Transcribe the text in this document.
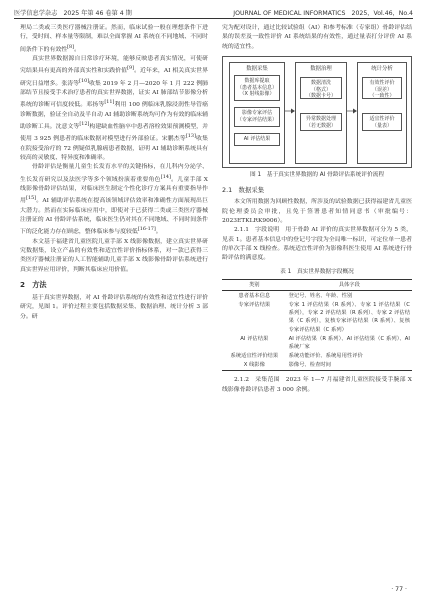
医学信息学杂志　2025 年第 46 卷第 4 期	JOURNAL OF MEDICAL INFORMATICS　2025，Vol.46，No.4

理局二类或三类医疗器械注册证。然而，临床试验一般在理想条件下进行，受时间、样本量等限制，难以全面掌握 AI 系统在不同地域、不同时间条件下的有效性[8]。

真实世界数据源自日常诊疗环境，能够反映患者真实情况，可使研究结果具有更高的外部真实性和实践价值[9]。近年来，AI 相关真实世界研究日益增多。张涛等[10]收集 2019 年 2 月—2020 年 1 月 222 例肺部结节且接受手术治疗患者的真实世界数据，证实 AI 肺部结节影像分析系统的诊断可信度较低。邓扬等[11]利用 100 例临床乳腺浸润性导管癌诊断数据，验证全自动及半自动 AI 辅助诊断系统均可作为有效的临床辅助诊断工具。沈意文等[12]构建缺血性脑卒中患者溶栓效果预测模型，并使用 3 925 例患者的临床数据对模型进行外部验证。宋鹏杰等[13]收集在院接受治疗的 72 例疑似乳腺癌患者数据，证明 AI 辅助诊断系统具有较高的灵敏度、特异度和准确率。

骨龄评估是衡量儿童生长发育水平的关键指标，在儿科内分泌学、生长发育研究以及法医学等多个领域扮演着重要角色[14]。儿童手部 X 线影像骨龄评估结果，对临床医生制定个性化诊疗方案具有重要指导作用[15]。AI 辅助评估系统在提高该领域评估效率和准确性方面展现出巨大潜力。然而在实际临床应用中，即使对于已获得二类或三类医疗器械注册证的 AI 骨龄评估系统，临床医生仍对其在不同地域、不同时间条件下的泛化能力存在顾虑，整体临床参与度较低[16-17]。

本文基于福建省儿童医院儿童手部 X 线影像数据，建立真实世界研究数据集，设立产品的有效性和适宜性评价指标体系，对一款已获得三类医疗器械注册证的人工智能辅助儿童手部 X 线影像骨龄评估系统进行真实世界应用评价，判断其临床应用价值。

2　方法

基于真实世界数据，对 AI 骨龄评估系统的有效性和适宜性进行评价研究，见图 1。评价过程主要包括数据采集、数据治理、统计分析 3 部分。研

究为配对设计，通过比较试验组（AI）和参考标准（专家组）骨龄评估结果的误差及一致性评价 AI 系统结果的有效性，通过量表打分评价 AI 系统的适宜性。

数据采集
数据库提取
（患者基本信息）
（X 射线影像）
影像专家评估
（专家评估结果）
AI 评估结果
数据治理
数据清洗
（格式）
（数据卡号）
异常数据处理
（若无数据）
统计分析
有效性评价
（误差）
（一致性）
适宜性评价
（量表）
图 1　基于真实世界数据的 AI 骨龄评估系统评价流程
2.1　数据采集

本文所用数据为回顾性数据，所涉及的试验数据已获得福建省儿童医院伦理委员会审批，且免于签署患者知情同意书（审批编号：2023ETKLRK9006）。

2.1.1　字段说明　 用于骨龄 AI 评价的真实世界数据可分为 5 类，见表 1。患者基本信息中的登记号字段为全局唯一标识，可定位单一患者的单次手部 X 线检查。系统适宜性评价为影像科医生使用 AI 系统进行骨龄评估的满意度。

表 1　真实世界数据字段概况
类别	具体字段
患者基本信息	登记号、姓名、年龄、性别
专家评估结果	专家 1 评估结果（R 系列）、专家 1 评估结果（C 系列），专家 2 评估结果（R 系列）、专家 2 评估结果（C 系列），复核专家评估结果（R 系列）、复核专家评估结果（C 系列）
AI 评估结果	AI 评估结果（R 系列）、AI 评估结果（C 系列）、AI 系统厂家
系统适宜性评价结果	系统功能评价、系统易用性评价
X 线影像	影像号、检查时间

2.1.2　采集范围　 2023 年 1—7 月福建省儿童医院接受手腕部 X 线影像骨龄评估患者 3 000 余例。

· 77 ·
